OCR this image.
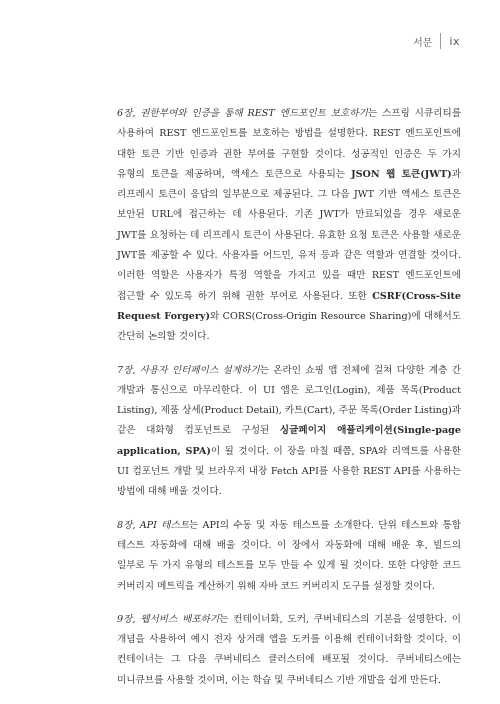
서문 ix

6장, 권한부여와 인증을 통해 REST 엔드포인트 보호하기는 스프링 시큐리티를 사용하여 REST 엔드포인트를 보호하는 방법을 설명한다. REST 엔드포인트에 대한 토큰 기반 인증과 권한 부여를 구현할 것이다. 성공적인 인증은 두 가지 유형의 토큰을 제공하며, 액세스 토큰으로 사용되는 JSON 웹 토큰(JWT)과 리프레시 토큰이 응답의 일부분으로 제공된다. 그 다음 JWT 기반 액세스 토큰은 보안된 URL에 접근하는 데 사용된다. 기존 JWT가 만료되었을 경우 새로운 JWT를 요청하는 데 리프레시 토큰이 사용된다. 유효한 요청 토큰은 사용할 새로운 JWT를 제공할 수 있다. 사용자를 어드민, 유저 등과 같은 역할과 연결할 것이다. 이러한 역할은 사용자가 특정 역할을 가지고 있을 때만 REST 엔드포인트에 접근할 수 있도록 하기 위해 권한 부여로 사용된다. 또한 CSRF(Cross-Site Request Forgery)와 CORS(Cross-Origin Resource Sharing)에 대해서도 간단히 논의할 것이다.

7장, 사용자 인터페이스 설계하기는 온라인 쇼핑 앱 전체에 걸쳐 다양한 계층 간 개발과 통신으로 마무리한다. 이 UI 앱은 로그인(Login), 제품 목록(Product Listing), 제품 상세(Product Detail), 카트(Cart), 주문 목록(Order Listing)과 같은 대화형 컴포넌트로 구성된 싱글페이지 애플리케이션(Single-page application, SPA)이 될 것이다. 이 장을 마칠 때쯤, SPA와 리액트를 사용한 UI 컴포넌트 개발 및 브라우저 내장 Fetch API를 사용한 REST API를 사용하는 방법에 대해 배울 것이다.

8장, API 테스트는 API의 수동 및 자동 테스트를 소개한다. 단위 테스트와 통합 테스트 자동화에 대해 배울 것이다. 이 장에서 자동화에 대해 배운 후, 빌드의 일부로 두 가지 유형의 테스트를 모두 만들 수 있게 될 것이다. 또한 다양한 코드 커버리지 메트릭을 계산하기 위해 자바 코드 커버리지 도구를 설정할 것이다.

9장, 웹서비스 배포하기는 컨테이너화, 도커, 쿠버네티스의 기본을 설명한다. 이 개념을 사용하여 예시 전자 상거래 앱을 도커를 이용해 컨테이너화할 것이다. 이 컨테이너는 그 다음 쿠버네티스 클러스터에 배포될 것이다. 쿠버네티스에는 미니큐브를 사용할 것이며, 이는 학습 및 쿠버네티스 기반 개발을 쉽게 만든다.
